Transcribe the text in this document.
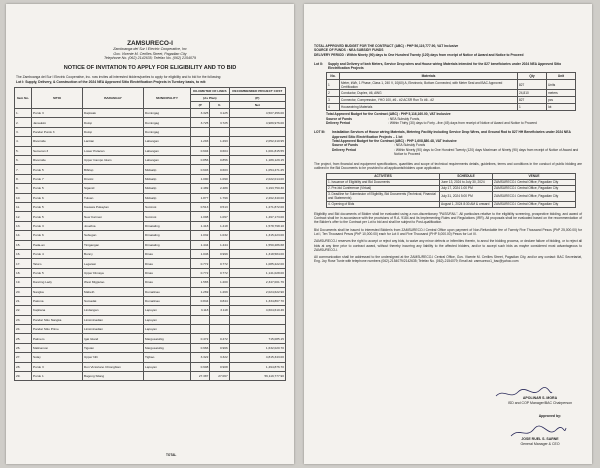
ZAMSURECO-I
Zamboanga del Sur I Electric Cooperative, Inc
Gov. Vicente M. Cerilles Street, Pagadian City
Telephone No. (062) 2142635; Telefax No. (062) 2154079
NOTICE OF INVITATION TO APPLY FOR ELIGIBILITY AND TO BID
The Zamboanga del Sur I Electric Cooperative, Inc. now invites all interested bidders/parties to apply for eligibility and to bid for the following:
Lot I: Supply, Delivery, & Construction of the 2024 NEA Approved Sitio Electrification Projects in Turnkey basis, to wit:
Item No.	SITIO	BARANGAY	MUNICIPALITY	KILOMETER OF LINES		RECOMMENDED PROJECT COST
				(As Plan)		(P)
				(P	U.	Net
1.	Purok 3	Dapiwak	Dumingag	3.325	3.125	4,507,456.00
2.	Janaukim	Dulop	Dumingag	3.725	3.725	4,989,976.00
3.	Pandar Purok 3	Dulop	Dumingag			
4.	Riverside	Lantian	Labangan	1.293	1.293	2,052,210.95
5.	Semeran 3	Lower Pulacan	Labangan	0.604	0.604	1,001,815.55
6.	Riverside	Upper Campo Islam	Labangan	0.856	0.856	1,189,129.15
7.	Purok 5	Bibilop	Midsalip	0.603	0.603	1,054,471.25
8.	Purok 7	Dinotic	Midsalip	1.090	1.090	2,022,014.00
9.	Purok 5	Siganid	Midsalip	2.489	2.489	3,193,750.30
10.	Purok 6	Tuluan	Midsalip	1.877	1.799	2,262,340.00
11.	Purok 5	Kauswa Pukaytan	Sominot	0.513	0.513	1,271,872.00
12.	Purok 5	New Carmen	Sominot	1.098	1.097	1,497,173.00
13.	Purok 3	Josefina	Dimataling	1.418	1.418	1,578,798.10
14.	Purok 6	Sebugan	Dimataling	1.032	1.032	1,315,223.00
15.	Pada-an	Tinigangan	Dimataling	1.444	1.444	1,550,286.68
16.	Purok 4	Bonny	Dinas	1.046	0.999	1,318,584.00
17.	Taluro	Legarasi	Dinas	0.772	0.772	1,085,222.00
18.	Purok 5	Upper Dimaya	Dinas	0.772	0.772	1,141,028.00
19.	Dancing Lady	West Migpulao	Dinas	1.565	1.200	2,347,001.76
20.	Nangka	Mabeth	Dumalinao	1.269	1.269	2,024,622.90
21.	Paloma	Sumadat	Dumalinao	0.844	0.844	1,334,867.70
22.	Kapitana	Lindangan	Lapuyan	3.118	3.118	4,604,610.46
23.	Pandar Sitio Nangka	Linsiminadian	Lapuyan			
24.	Pandar Sitio Prime	Linsiminadian	Lapuyan			
25.	Palmero	Igat Island	Margosatubig	0.472	0.472	715,085.15
26.	Malinamon	Tiguian	Margosatubig	0.966	0.966	1,632,020.70
27.	Sulay	Upper Nili	Tigbao	3.322	3.322	4,815,343.00
28.	Purok 3	Don Victoriano Chiongbian	Lapuyan	0.908	0.908	1,494,876.70
29.	Purok 1	Bagong Silang		27.387	27.067	56,119,777.90
TOTAL
TOTAL APPROVED BUDGET FOR THE CONTRACT (ABC) : PHP 56,119,777.90, VAT Inclusive
SOURCE OF FUNDS : NEA SUBSIDY FUNDS
DELIVERY PERIOD : Within Ninety (90) days to One Hundred Twenty (120) days from receipt of Notice of Award and Notice to Proceed
Lot II:	Supply and Delivery of kwh Meters, Service Drop wires and House wiring Materials intended for the 827 beneficiaries under 2024 NEA Approved Sitio Electrification Projects
No.	Materials	Qty	Unit
1	Meter, kWh, 1 Phase, Class 1, 240 V, 10(60) A, Electronic, Bottom Connected, with Meter Seal and BAC Approved Certification	827	Units
2	Conductor, Duplex, #6, AWG	24,810	meters
3	Connector, Compression, YHO 100, #6 - #2 ACSR Run To #6 - #2	827	pcs
4	Housewiring Materials	1	lot
Total Approved Budget for the Contract (ABC) : PHP 5,116,160.00, VAT Inclusive
Source of Funds	: NEA Subsidy Funds,
Delivery Period	: Within Thirty (30) days to Forty –five (45) days from receipt of Notice of Award and Notice to Proceed
LOT III:	Installation Services of House wiring Materials, Metering Facility including Service Drop Wires, and Ground Rod to 827 HH Beneficiaries under 2024 NEA Approved Sitio Electrification Projects – 1 lot
Total Approved Budget for the Contract (ABC) : PHP 1,608,880.48, VAT Inclusive
Source of Funds	: NEA Subsidy Funds
Delivery Period	: Within Ninety (90) days to One Hundred Twenty (120) days Maximum of Ninety (90) days from receipt of Notice of Award and Notice to Proceed
The project, from financial and equipment specifications, quantities and scope of technical requirements details, guidelines, terms and conditions in the conduct of public bidding are outlined in the Bid Documents to be provided to all applicants/bidders upon application.
ACTIVITIES	SCHEDULE	VENUE
1. Issuance of Eligibility and Bid Documents	June 13, 2024 to July 30, 2024	ZAMSURECO-I Central Office, Pagadian City
2. Pre-bid Conference (Virtual)	July 17, 2024 1:00 PM	ZAMSURECO-I Central Office, Pagadian City
3. Deadline for Submission of Eligibility, Bid Documents (Technical, Financial and Statements)	July 31, 2024 5:00 PM	ZAMSURECO-I Central Office, Pagadian City
4. Opening of Bids	August 1, 2024 8:30 AM & onward	ZAMSURECO-I Central Office, Pagadian City
Eligibility and Bid documents of Bidder shall be evaluated using a non-discretionary "PASS/FAIL". All particulars relative to the eligibility screening, prospective bidding, and award of Contract shall be in accordance with the provisions of R.A. 9184 and its Implementing Rules and Regulations (IRR). All proposals shall be evaluated based on the recommendation of the Bidder's offer to the Contract per Lot to bid and shall be subject to Post-qualification.
Bid Documents shall be issued to interested Bidder/s from ZAMSURECO-I Central Office upon payment of Non-Refundable fee of Twenty Five Thousand Pesos (PhP 25,000.00) for Lot I, Ten Thousand Pesos (PhP 10,000.00) each for Lot II and Five Thousand (PHP 5,000.00) Pesos for Lot III.
ZAMSURECO-I reserves the right to accept or reject any bids, to waive any minor defects or infirmities therein, to annul the bidding process, or declare failure of bidding, or to reject all bids at any time prior to contract award, without thereby incurring any liability to the affected bidders, and/or to accept such bids as maybe considered most advantageous to ZAMSURECO-I.
All communication shall be addressed to the undersigned at the ZAMSURECO-I Central Office, Gov. Vicente M. Cerilles Street, Pagadian City, and/or any contact: BAC Secretariat, Eng. Joy Rose Tunie with telephone numbers (062)-2154079/2142635; Telefax No. (062)-2154079; Email ad: zamsureco1_bac@yahoo.com
APOLINAR S. MORA
ISD and COP Manager/BAC Chairperson
Approved by:
JOSE RUEL S. SARNE
General Manager & CEO
